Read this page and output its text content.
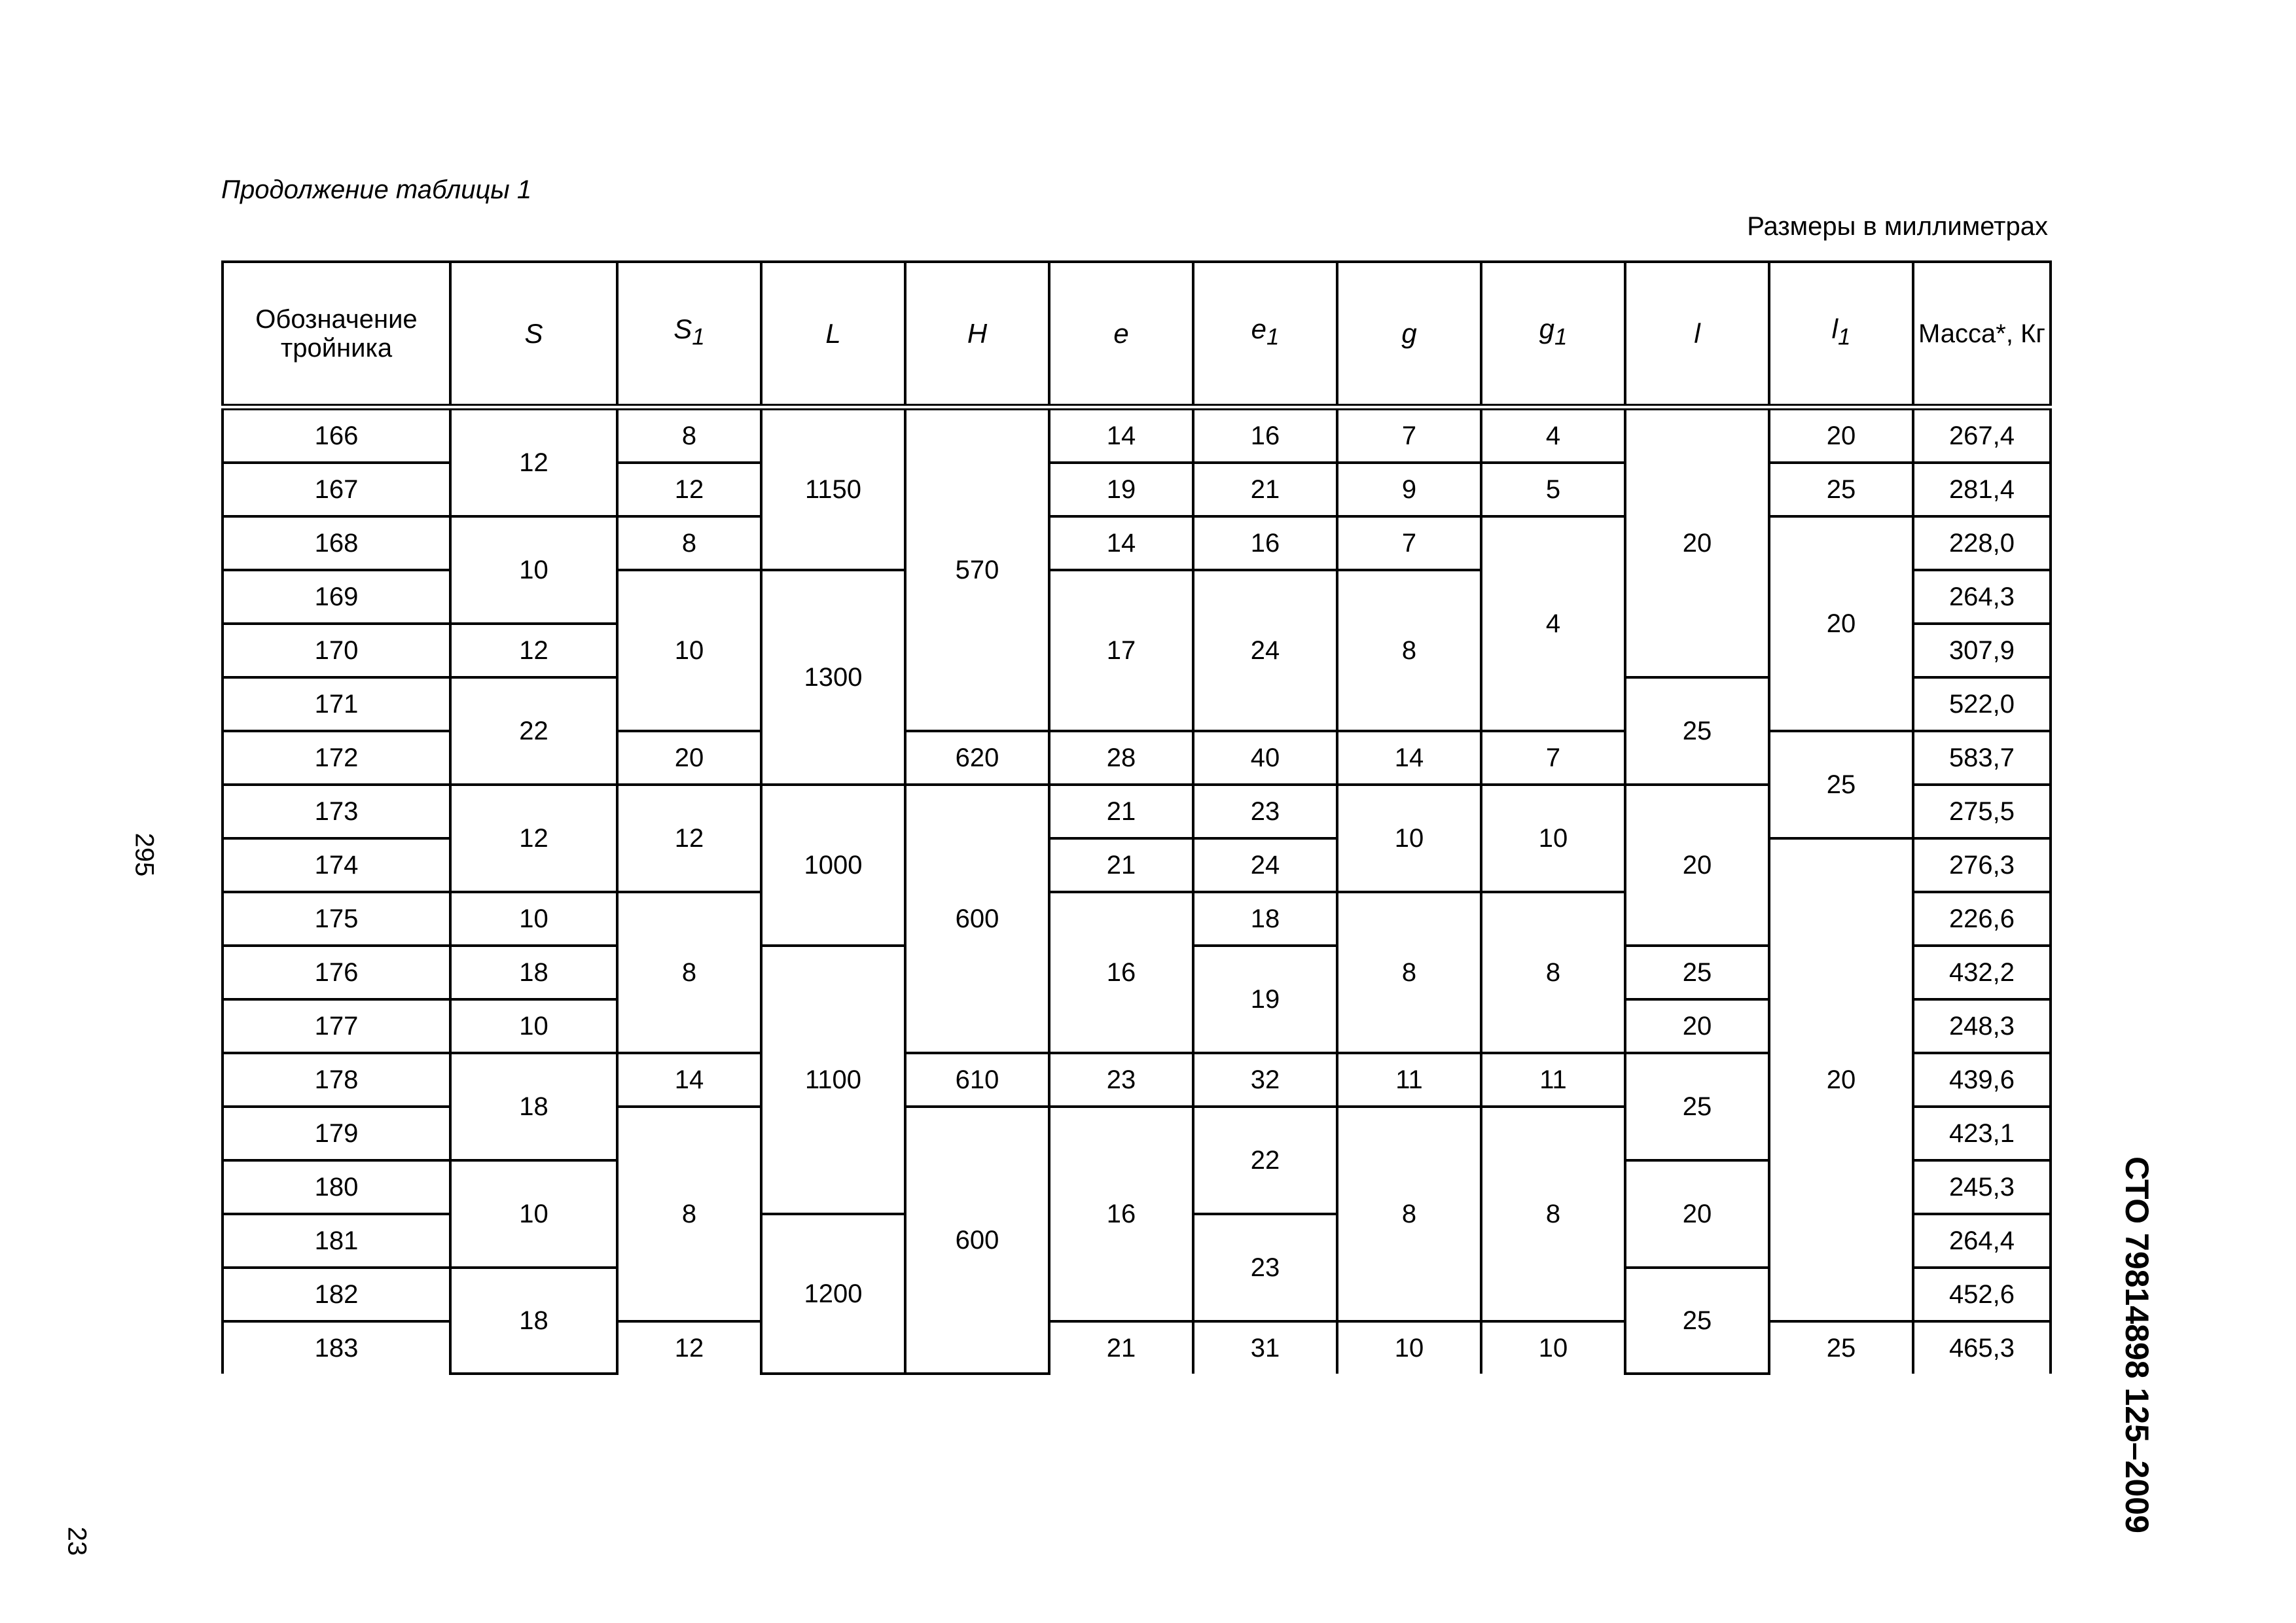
Продолжение таблицы 1
Размеры в миллиметрах
295
23
СТО 79814898 125–2009
Обозначение тройника	S	$S_1$	L	H	e	$e_1$	g	$g_1$	l	$l_1$	Масса*, Кг
166	12	8	1150	570	14	16	7	4	20	20	267,4
167		12			19	21	9	5		25	281,4
168	10	8			14	16	7	4		20	228,0
169		10	1300		17	24	8				264,3
170	12										307,9
171	22								25		522,0
172		20		620	28	40	14	7		25	583,7
173	12	12	1000	600	21	23	10	10	20		275,5
174					21	24				20	276,3
175	10	8			16	18	8	8			226,6
176	18		1100			19			25		432,2
177	10								20		248,3
178	18	14		610	23	32	11	11	25		439,6
179		8		600	16	22	8	8			423,1
180	10								20		245,3
181			1200			23					264,4
182	18								25		452,6
183		12			21	31	10	10		25	465,3
